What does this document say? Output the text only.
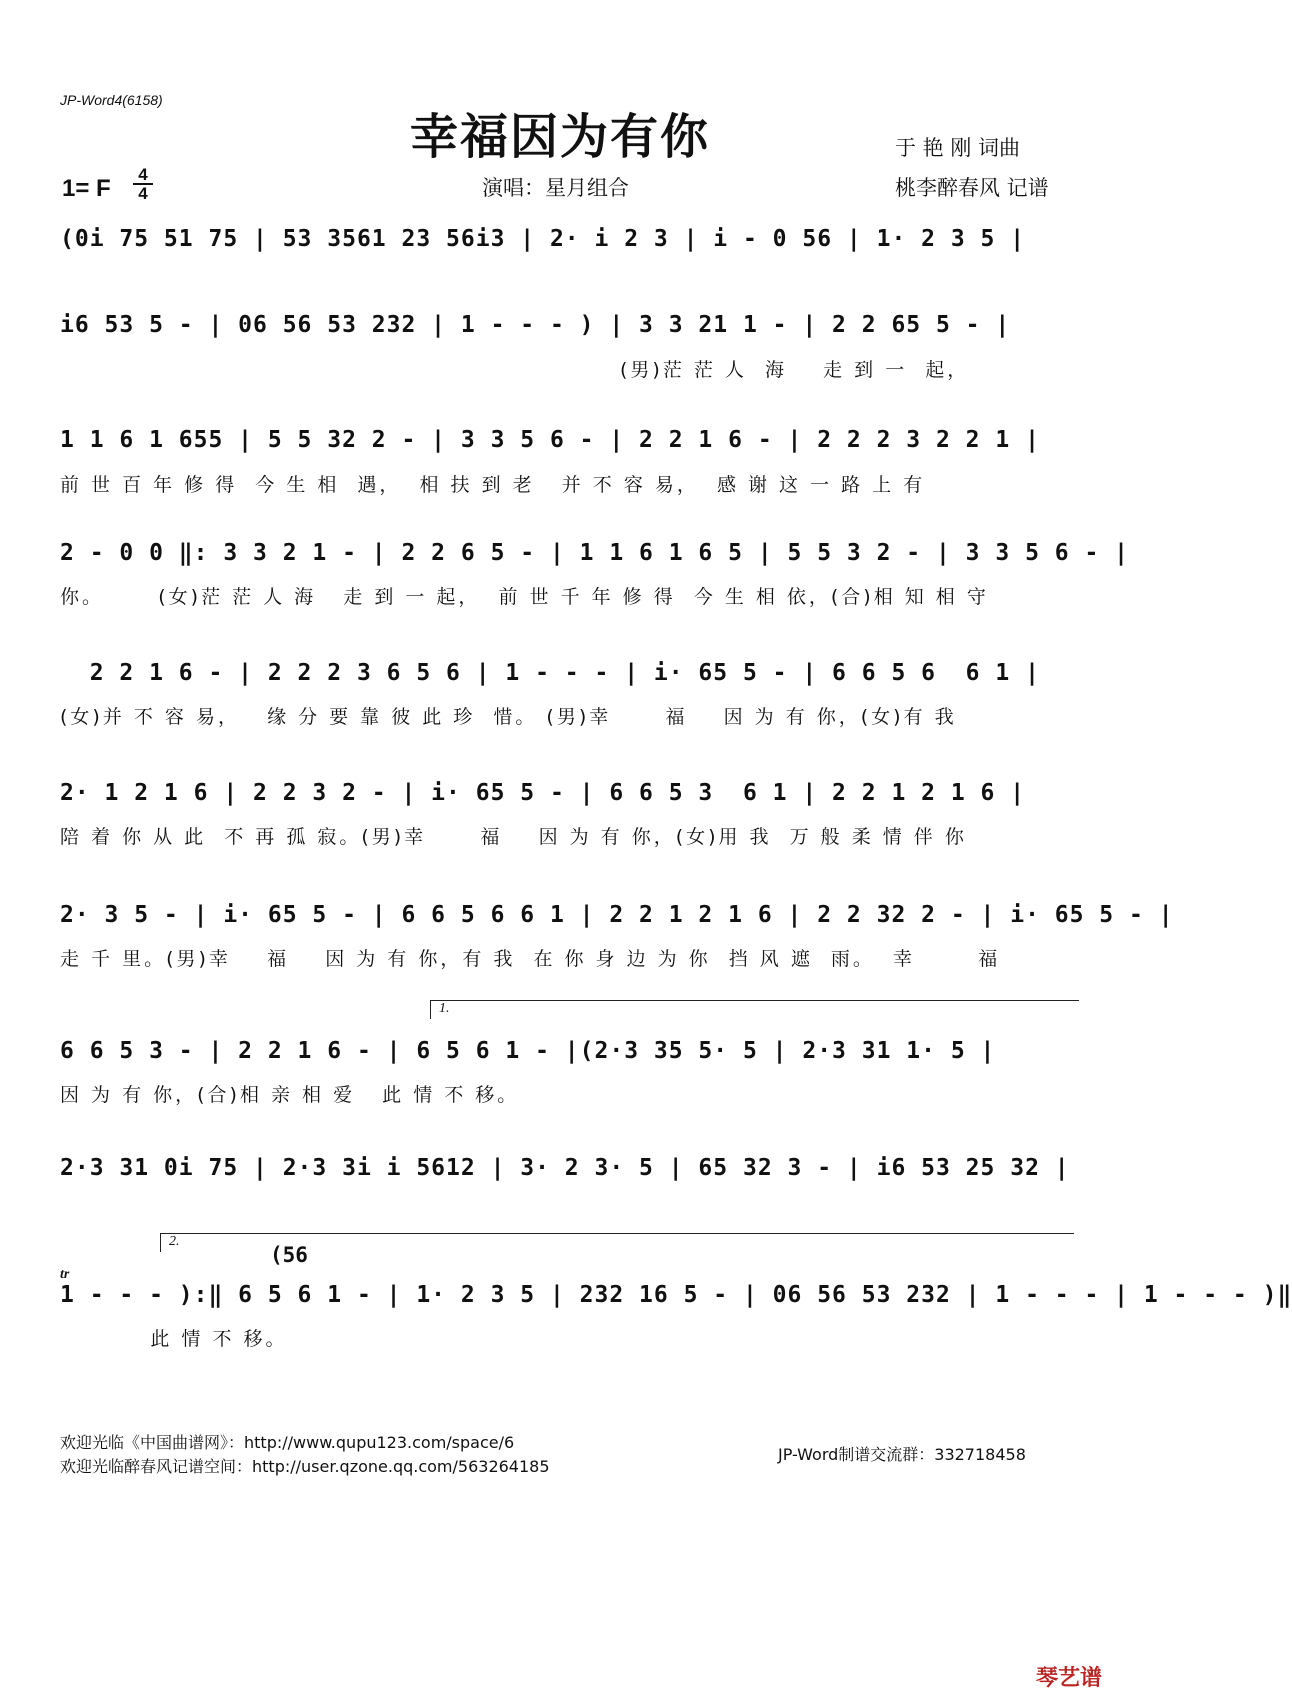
JP-Word4(6158)
幸福因为有你	于 艳 刚 词曲
演唱：星月组合	桃李醉春风 记谱
1= F
4
4
(0i 75 51 75 | 53 3561 23 56i3 | 2· i 2 3 | i - 0 56 | 1· 2 3 5 |
i6 53 5 - | 06 56 53 232 | 1 - - - ) | 3 3 21 1 - | 2 2 65 5 - |
(男)茫 茫 人  海    走 到 一  起，
1 1 6 1 655 | 5 5 32 2 - | 3 3 5 6 - | 2 2 1 6 - | 2 2 2 3 2 2 1 |
前 世 百 年 修 得  今 生 相  遇，  相 扶 到 老   并 不 容 易，  感 谢 这 一 路 上 有
2 - 0 0 ‖: 3 3 2 1 - | 2 2 6 5 - | 1 1 6 1 6 5 | 5 5 3 2 - | 3 3 5 6 - |
你。      (女)茫 茫 人 海   走 到 一 起，  前 世 千 年 修 得  今 生 相 依，(合)相 知 相 守
2 2 1 6 - | 2 2 2 3 6 5 6 | 1 - - - | i· 65 5 - | 6 6 5 6  6 1 |
(女)并 不 容 易，   缘 分 要 靠 彼 此 珍  惜。 (男)幸      福    因 为 有 你，(女)有 我
2· 1 2 1 6 | 2 2 3 2 - | i· 65 5 - | 6 6 5 3  6 1 | 2 2 1 2 1 6 |
陪 着 你 从 此  不 再 孤 寂。(男)幸      福    因 为 有 你，(女)用 我  万 般 柔 情 伴 你
2· 3 5 - | i· 65 5 - | 6 6 5 6 6 1 | 2 2 1 2 1 6 | 2 2 32 2 - | i· 65 5 - |
走 千 里。(男)幸    福    因 为 有 你，有 我  在 你 身 边 为 你  挡 风 遮  雨。  幸       福
1.
6 6 5 3 - | 2 2 1 6 - | 6 5 6 1 - |(2·3 35 5· 5 | 2·3 31 1· 5 |
因 为 有 你，(合)相 亲 相 爱   此 情 不 移。
2·3 31 0i 75 | 2·3 3i i 5612 | 3· 2 3· 5 | 65 32 3 - | i6 53 25 32 |
2.
(56
tr
1 - - - ):‖ 6 5 6 1 - | 1· 2 3 5 | 232 16 5 - | 06 56 53 232 | 1 - - - | 1 - - - )‖
此 情 不 移。
欢迎光临《中国曲谱网》：http://www.qupu123.com/space/6
欢迎光临醉春风记谱空间：http://user.qzone.qq.com/563264185
JP-Word制谱交流群：332718458
琴艺谱
